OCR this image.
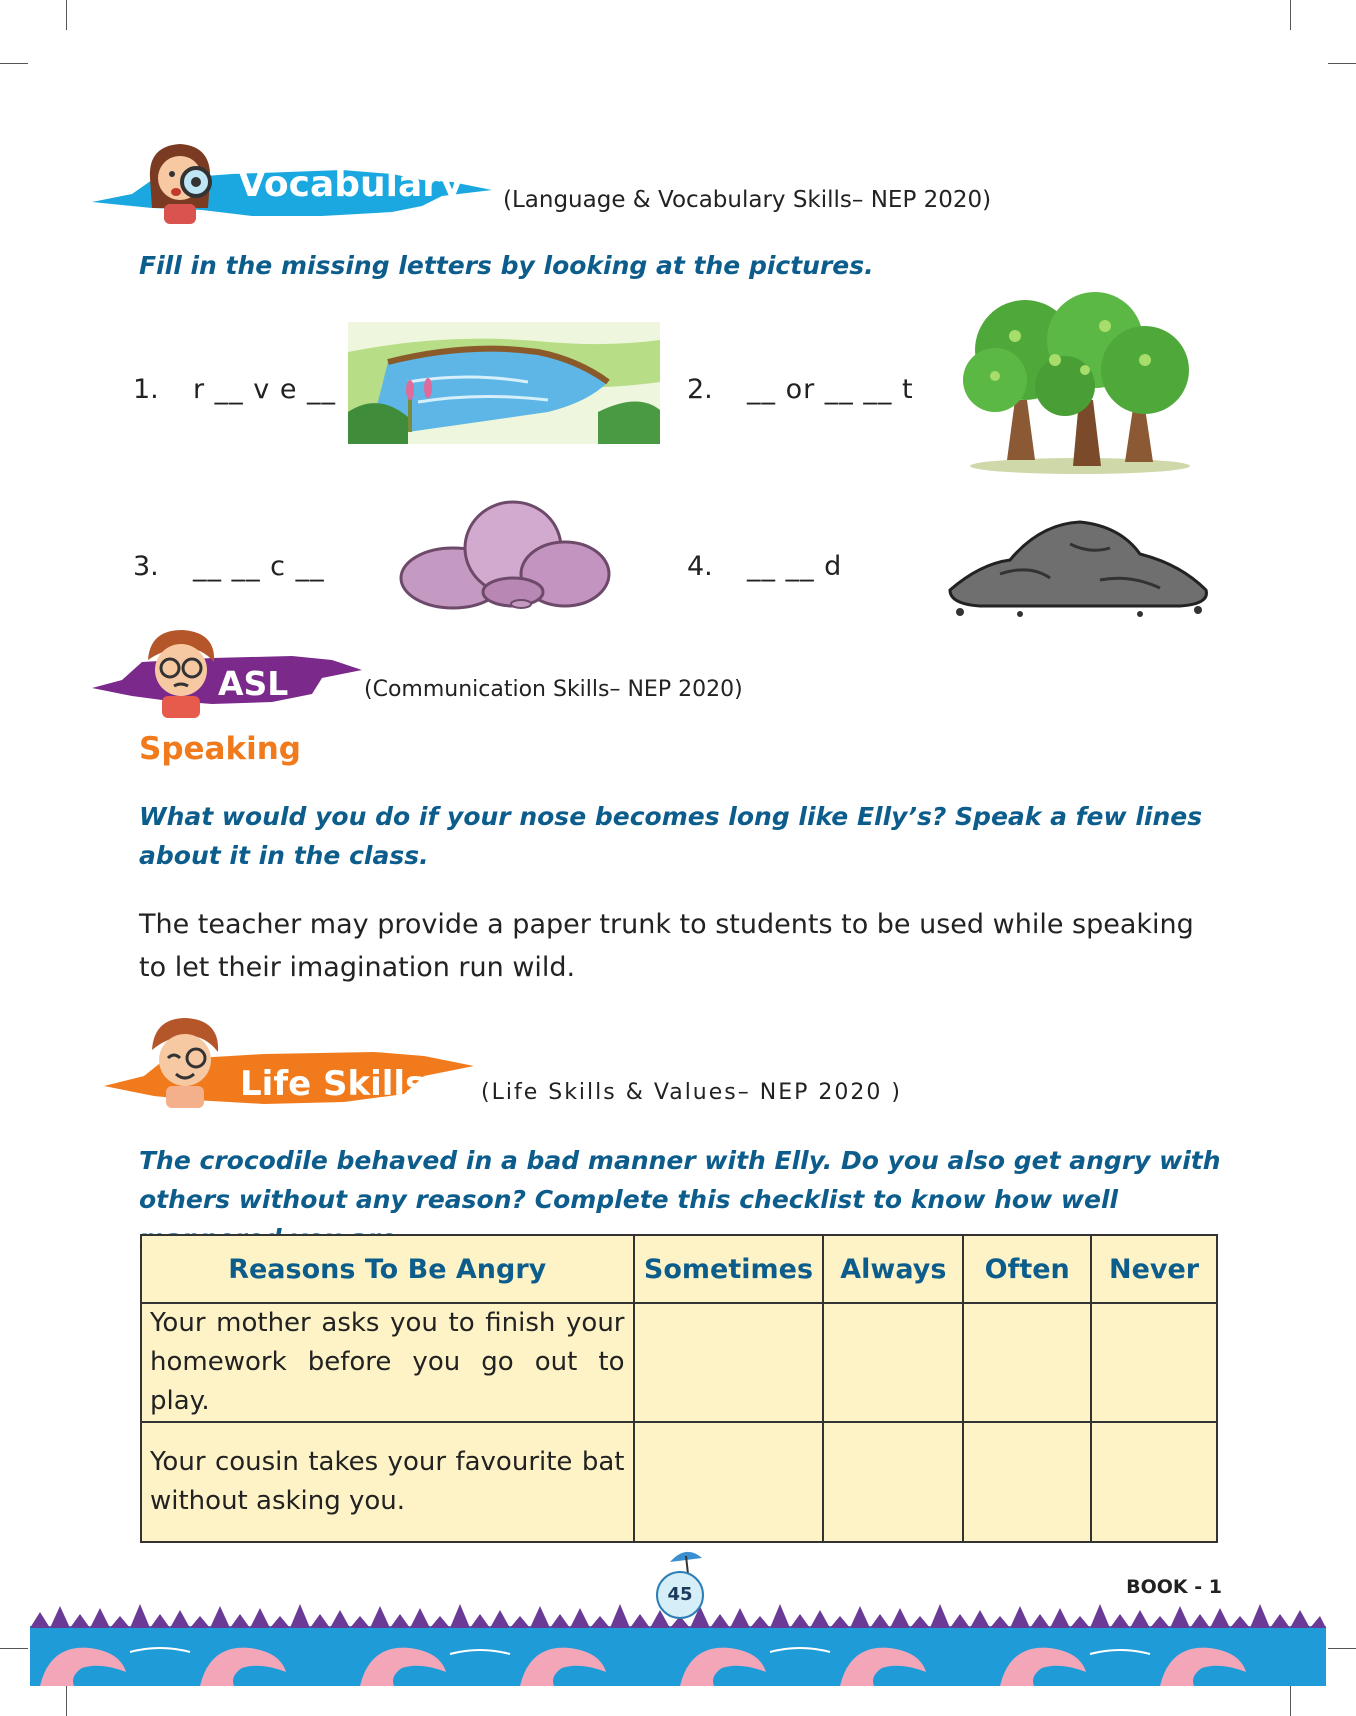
Vocabulary (Language & Vocabulary Skills– NEP 2020)
Fill in the missing letters by looking at the pictures.
1. r __ v e __	2. __ or __ __ t
3. __ __ c __	4. __ __ d
ASL	(Communication Skills– NEP 2020)
Speaking
What would you do if your nose becomes long like Elly’s? Speak a few lines about it in the class.
The teacher may provide a paper trunk to students to be used while speaking to let their imagination run wild.
Life Skills	(Life Skills & Values– NEP 2020 )
The crocodile behaved in a bad manner with Elly. Do you also get angry with others without any reason? Complete this checklist to know how well
Reasons To Be Angry	Sometimes	Always	Often	Never
Your mother asks you to finish your homework before you go out to play.				
Your cousin takes your favourite bat without asking you.				
45	BOOK - 1
